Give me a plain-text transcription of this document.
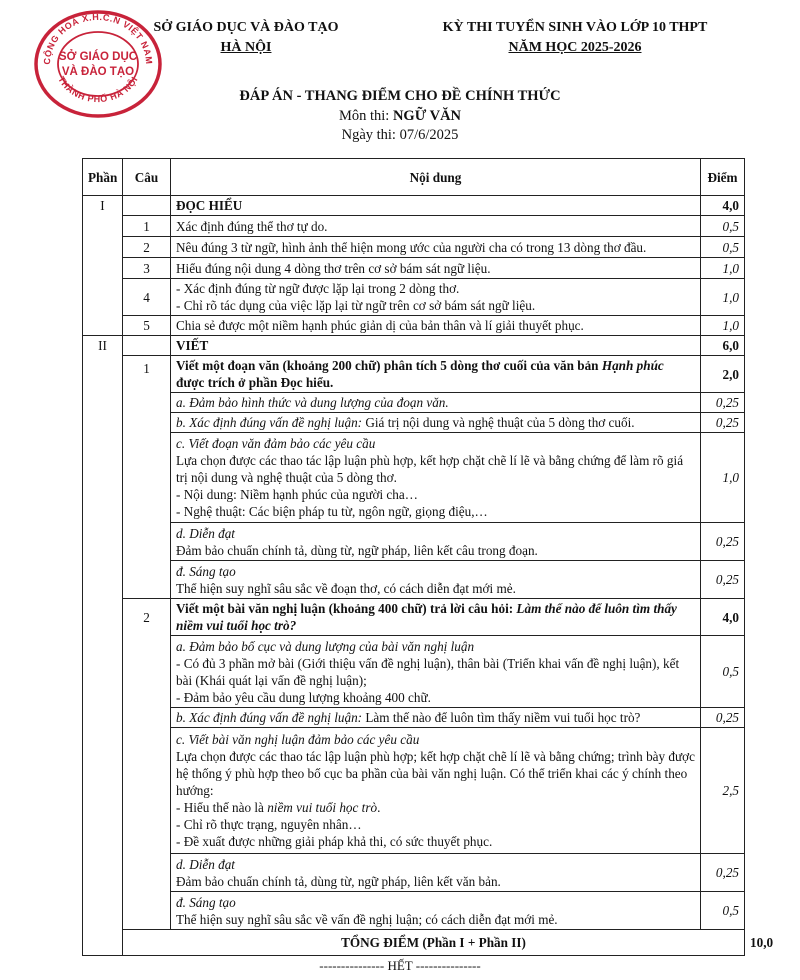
CỘNG HOÀ X.H.C.N VIỆT NAM
THÀNH PHỐ HÀ NỘI
SỞ GIÁO DỤC
VÀ ĐÀO TẠO
SỞ GIÁO DỤC VÀ ĐÀO TẠO
HÀ NỘI
KỲ THI TUYỂN SINH VÀO LỚP 10 THPT
NĂM HỌC 2025-2026
ĐÁP ÁN - THANG ĐIỂM CHO ĐỀ CHÍNH THỨC
Môn thi: NGỮ VĂN
Ngày thi: 07/6/2025
Phần	Câu	Nội dung	Điểm	
I		ĐỌC HIỂU	4,0	
	1	Xác định đúng thể thơ tự do.	0,5	
	2	Nêu đúng 3 từ ngữ, hình ảnh thể hiện mong ước của người cha có trong 13 dòng thơ đầu.	0,5	
	3	Hiểu đúng nội dung 4 dòng thơ trên cơ sở bám sát ngữ liệu.	1,0	
	4	- Xác định đúng từ ngữ được lặp lại trong 2 dòng thơ.
- Chỉ rõ tác dụng của việc lặp lại từ ngữ trên cơ sở bám sát ngữ liệu.	1,0	
	5	Chia sẻ được một niềm hạnh phúc giản dị của bản thân và lí giải thuyết phục.	1,0	
II		VIẾT	6,0	
	1	Viết một đoạn văn (khoảng 200 chữ) phân tích 5 dòng thơ cuối của văn bản Hạnh phúc được trích ở phần Đọc hiểu.	2,0	
		a. Đảm bảo hình thức và dung lượng của đoạn văn.	0,25	
		b. Xác định đúng vấn đề nghị luận: Giá trị nội dung và nghệ thuật của 5 dòng thơ cuối.	0,25	

		c. Viết đoạn văn đảm bảo các yêu cầu
Lựa chọn được các thao tác lập luận phù hợp, kết hợp chặt chẽ lí lẽ và bằng chứng để làm rõ giá trị nội dung và nghệ thuật của 5 dòng thơ.
- Nội dung: Niềm hạnh phúc của người cha…
- Nghệ thuật: Các biện pháp tu từ, ngôn ngữ, giọng điệu,…	1,0	

		d. Diễn đạt
Đảm bảo chuẩn chính tả, dùng từ, ngữ pháp, liên kết câu trong đoạn.	0,25	

		đ. Sáng tạo
Thể hiện suy nghĩ sâu sắc về đoạn thơ, có cách diễn đạt mới mẻ.	0,25	
	2	Viết một bài văn nghị luận (khoảng 400 chữ) trả lời câu hỏi: Làm thế nào để luôn tìm thấy niềm vui tuổi học trò?	4,0	

		a. Đảm bảo bố cục và dung lượng của bài văn nghị luận
- Có đủ 3 phần mở bài (Giới thiệu vấn đề nghị luận), thân bài (Triển khai vấn đề nghị luận), kết bài (Khái quát lại vấn đề nghị luận);
- Đảm bảo yêu cầu dung lượng khoảng 400 chữ.	0,5	
		b. Xác định đúng vấn đề nghị luận: Làm thế nào để luôn tìm thấy niềm vui tuổi học trò?	0,25	

		c. Viết bài văn nghị luận đảm bảo các yêu cầu
Lựa chọn được các thao tác lập luận phù hợp; kết hợp chặt chẽ lí lẽ và bằng chứng; trình bày được hệ thống ý phù hợp theo bố cục ba phần của bài văn nghị luận. Có thể triển khai các ý chính theo hướng:
- Hiểu thế nào là niềm vui tuổi học trò.
- Chỉ rõ thực trạng, nguyên nhân…
- Đề xuất được những giải pháp khả thi, có sức thuyết phục.	2,5	

		d. Diễn đạt
Đảm bảo chuẩn chính tả, dùng từ, ngữ pháp, liên kết văn bản.	0,25	

		đ. Sáng tạo
Thể hiện suy nghĩ sâu sắc về vấn đề nghị luận; có cách diễn đạt mới mẻ.	0,5	
	TỔNG ĐIỂM (Phần I + Phần II)			10,0
--------------- HẾT ---------------
